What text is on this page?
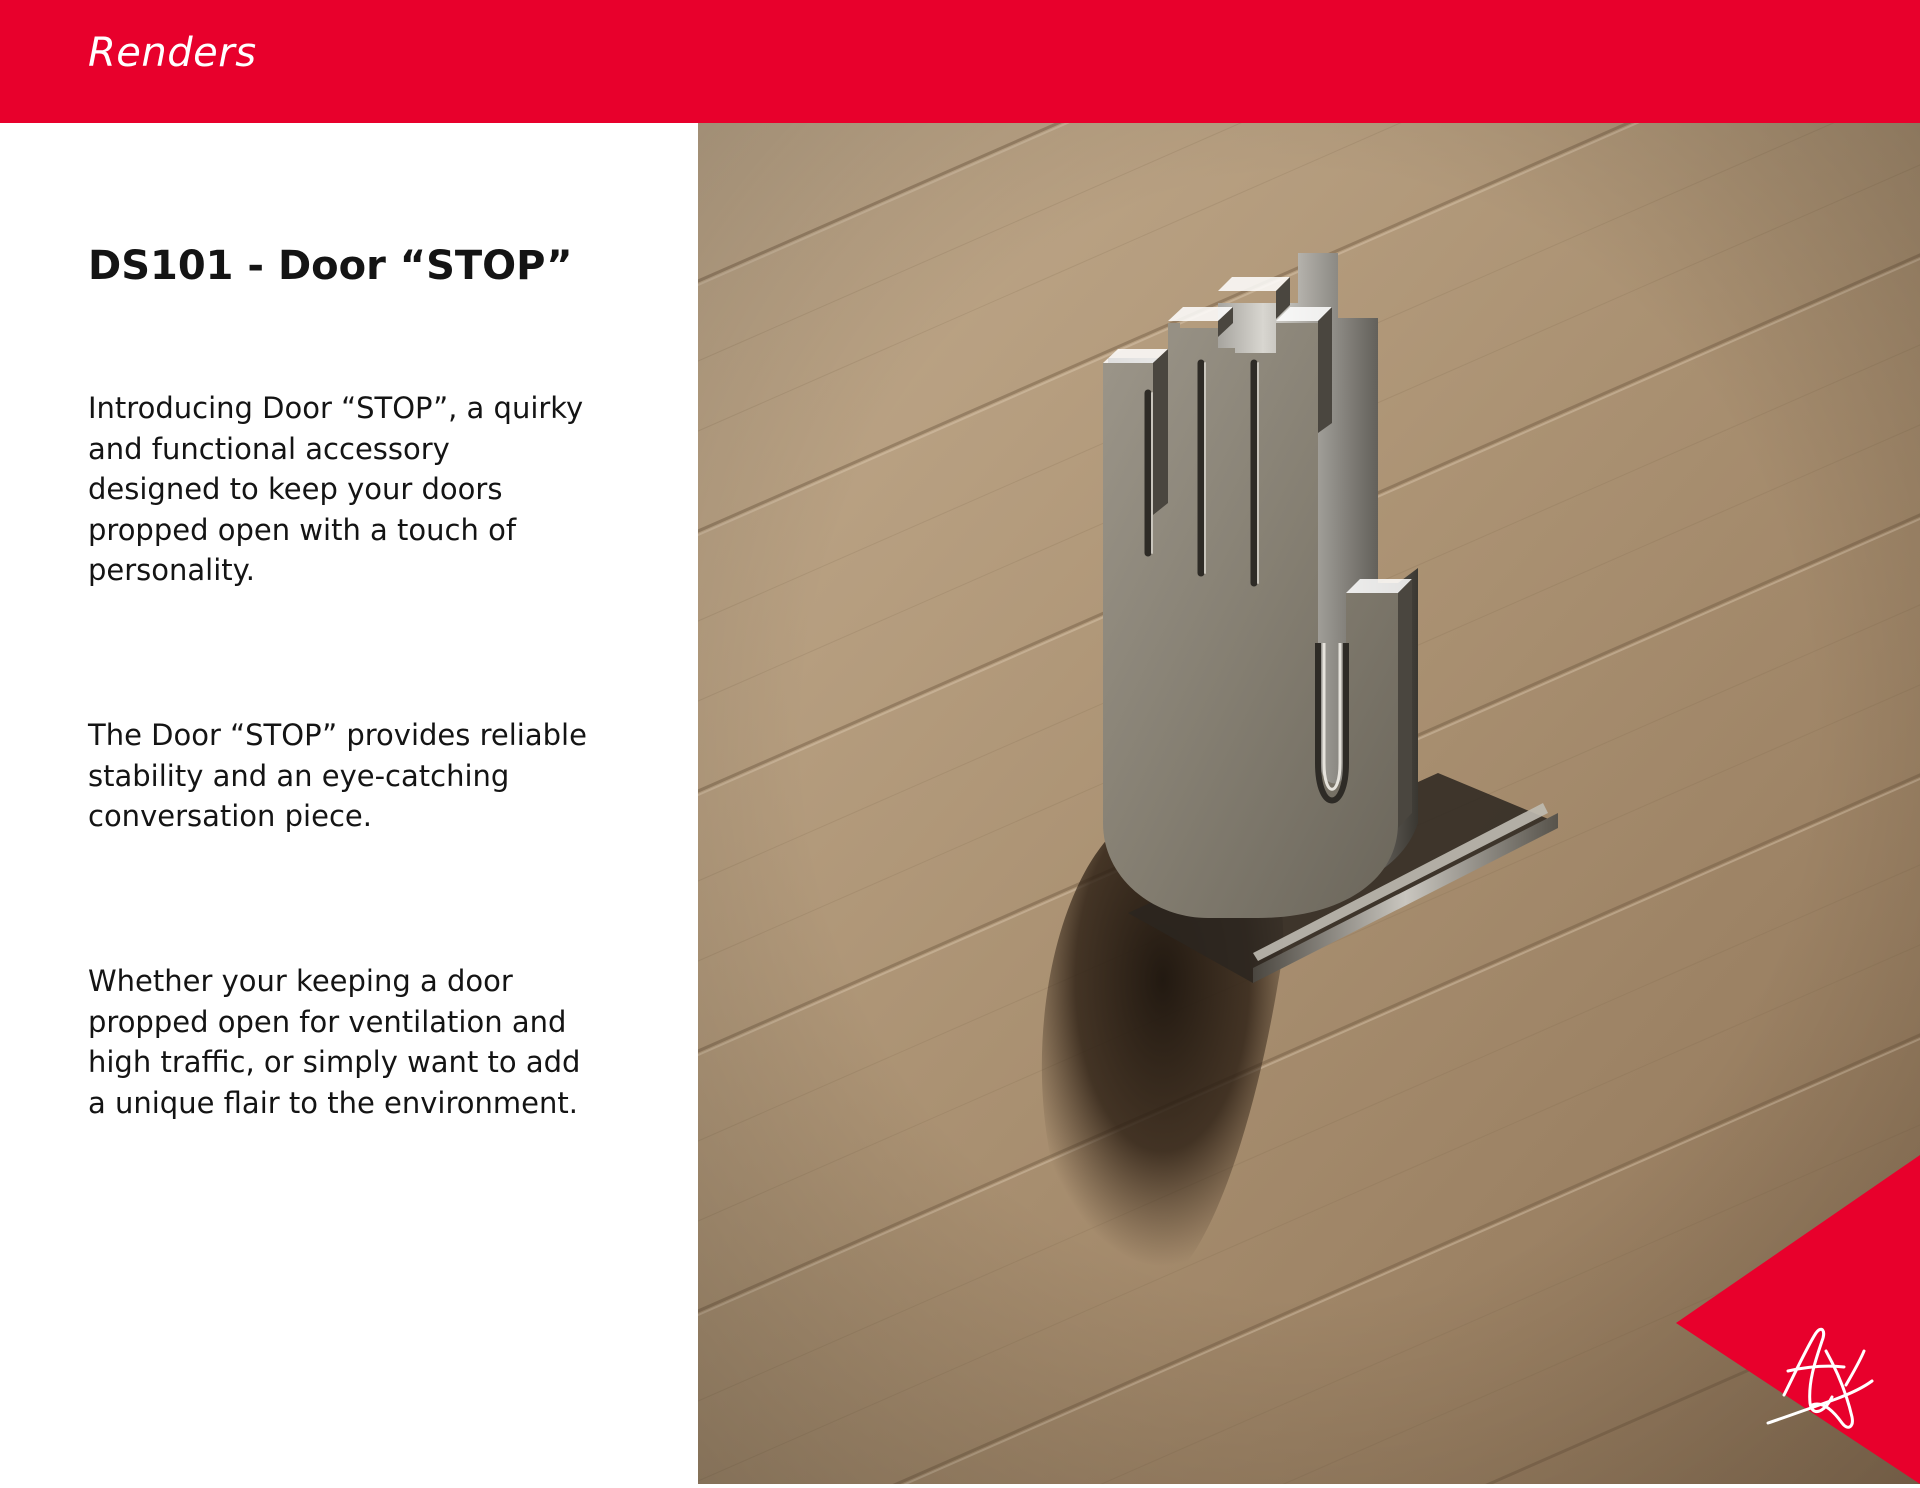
Renders
DS101 - Door “STOP”

Introducing Door “STOP”, a quirky and functional accessory designed to keep your doors propped open with a touch of personality.

The Door “STOP” provides reliable stability and an eye-catching conversation piece.

Whether your keeping a door propped open for ventilation and high traffic, or simply want to add a unique flair to the environment.
